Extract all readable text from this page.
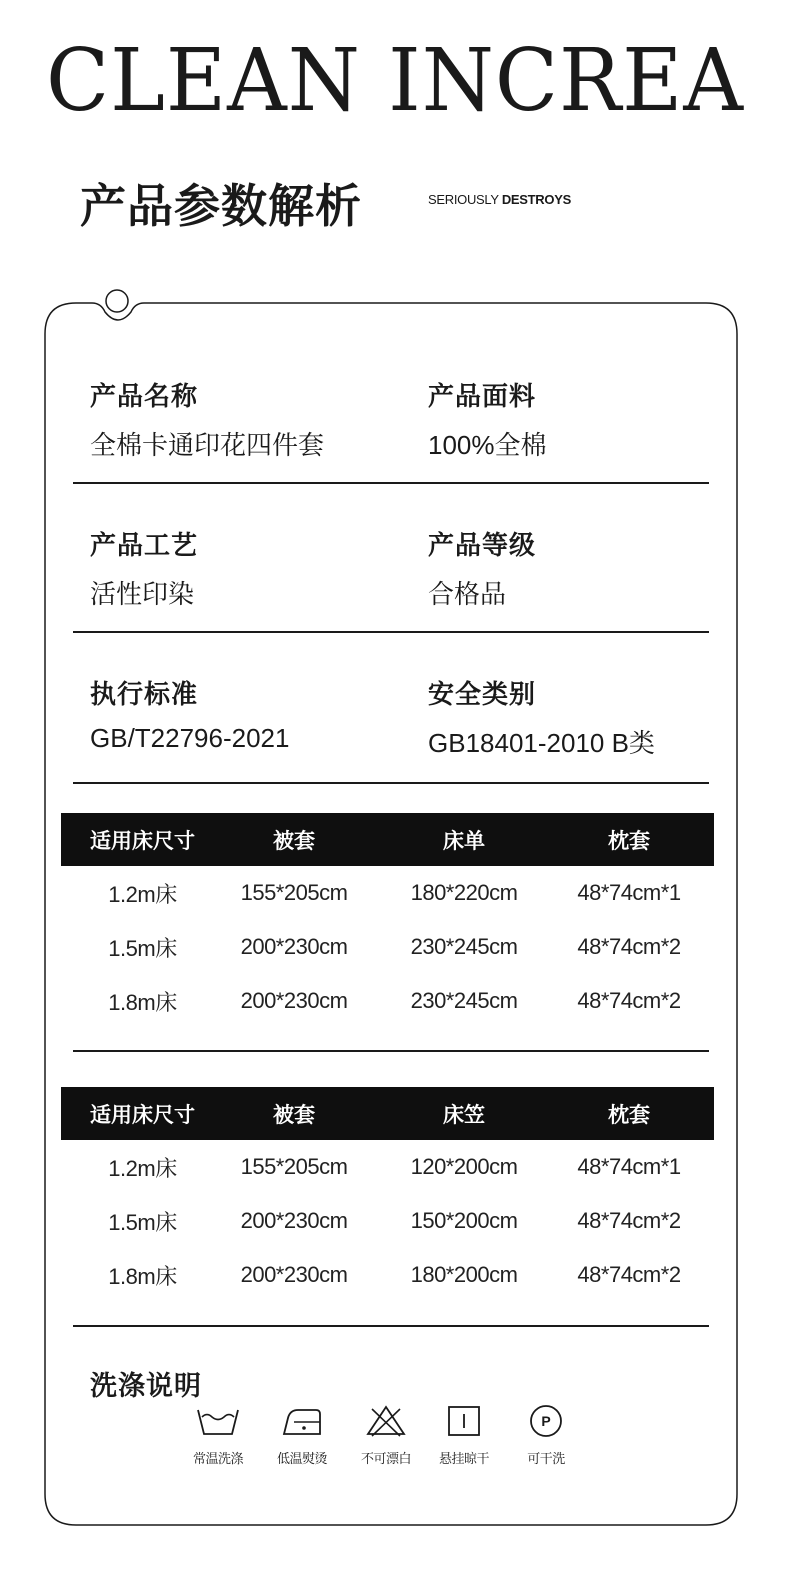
CLEAN INCREA
产品参数解析	SERIOUSLY DESTROYS
产品名称
全棉卡通印花四件套
产品面料
100%全棉
产品工艺
活性印染
产品等级
合格品
执行标准
GB/T22796-2021
安全类别
GB18401-2010 B类
适用床尺寸	被套	床单	枕套
1.2m床	155*205cm	180*220cm	48*74cm*1
1.5m床	200*230cm	230*245cm	48*74cm*2
1.8m床	200*230cm	230*245cm	48*74cm*2
适用床尺寸	被套	床笠	枕套
1.2m床	155*205cm	120*200cm	48*74cm*1
1.5m床	200*230cm	150*200cm	48*74cm*2
1.8m床	200*230cm	180*200cm	48*74cm*2
洗涤说明
常温洗涤	低温熨烫	不可漂白	悬挂晾干
P
可干洗
